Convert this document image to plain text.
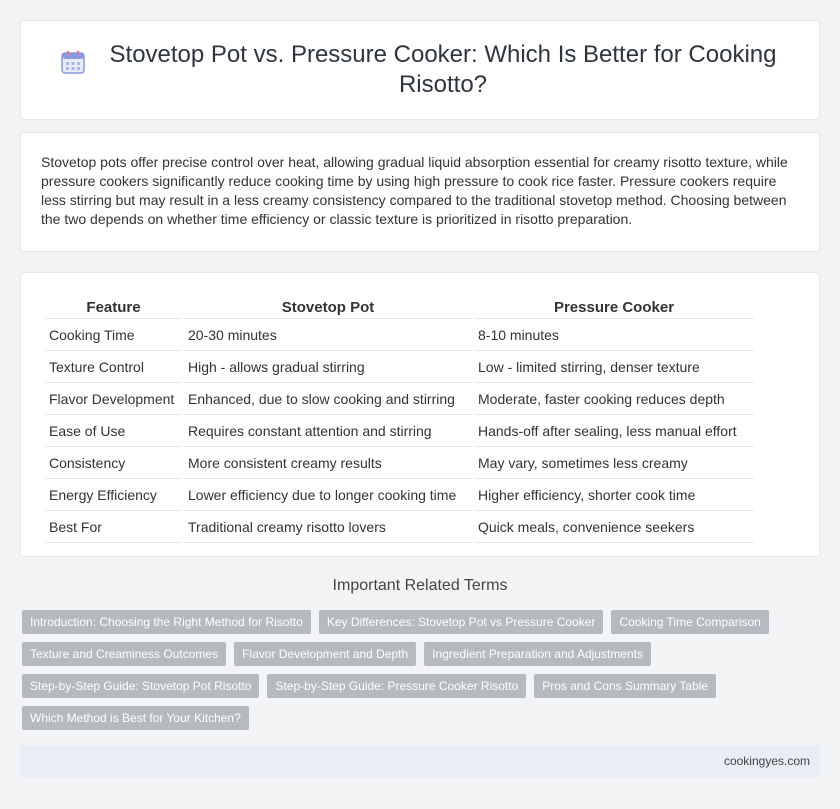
Stovetop Pot vs. Pressure Cooker: Which Is Better for Cooking Risotto?

Stovetop pots offer precise control over heat, allowing gradual liquid absorption essential for creamy risotto texture, while pressure cookers significantly reduce cooking time by using high pressure to cook rice faster. Pressure cookers require less stirring but may result in a less creamy consistency compared to the traditional stovetop method. Choosing between the two depends on whether time efficiency or classic texture is prioritized in risotto preparation.

Feature	Stovetop Pot	Pressure Cooker
Cooking Time	20-30 minutes	8-10 minutes
Texture Control	High - allows gradual stirring	Low - limited stirring, denser texture
Flavor Development	Enhanced, due to slow cooking and stirring	Moderate, faster cooking reduces depth
Ease of Use	Requires constant attention and stirring	Hands-off after sealing, less manual effort
Consistency	More consistent creamy results	May vary, sometimes less creamy
Energy Efficiency	Lower efficiency due to longer cooking time	Higher efficiency, shorter cook time
Best For	Traditional creamy risotto lovers	Quick meals, convenience seekers
Important Related Terms
Introduction: Choosing the Right Method for Risotto	Key Differences: Stovetop Pot vs Pressure Cooker	Cooking Time Comparison
Texture and Creaminess Outcomes	Flavor Development and Depth	Ingredient Preparation and Adjustments
Step-by-Step Guide: Stovetop Pot Risotto	Step-by-Step Guide: Pressure Cooker Risotto	Pros and Cons Summary Table
Which Method is Best for Your Kitchen?
cookingyes.com
